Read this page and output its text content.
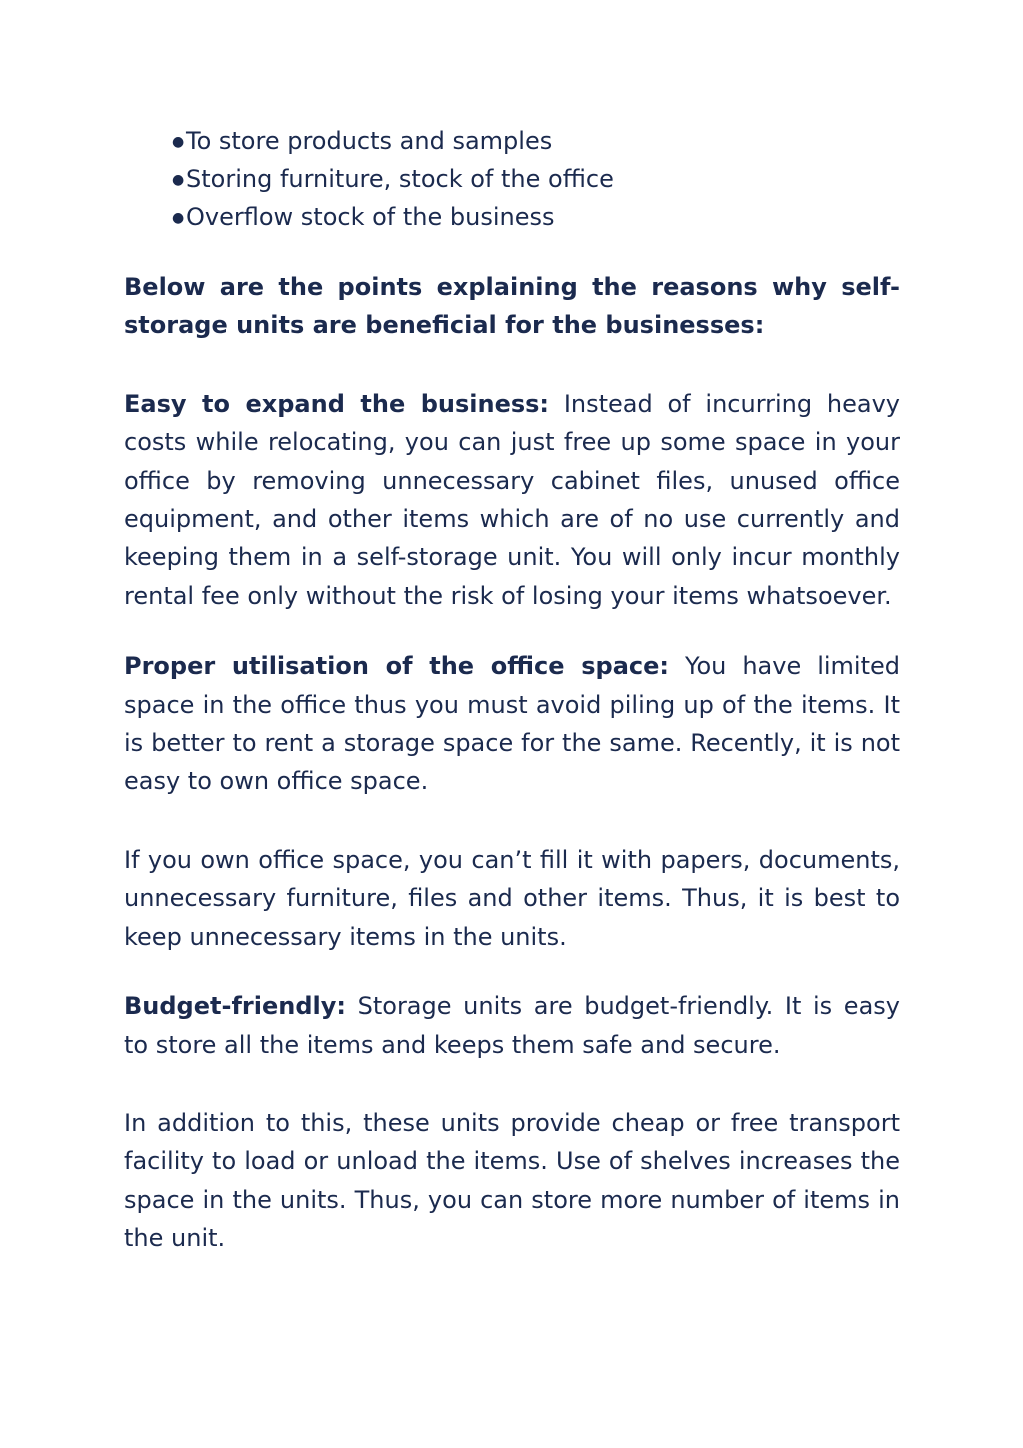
●To store products and samples
●Storing furniture, stock of the office
●Overflow stock of the business

Below are the points explaining the reasons why self-storage units are beneficial for the businesses:

Easy to expand the business: Instead of incurring heavy costs while relocating, you can just free up some space in your office by removing unnecessary cabinet files, unused office equipment, and other items which are of no use currently and keeping them in a self-storage unit. You will only incur monthly rental fee only without the risk of losing your items whatsoever.

Proper utilisation of the office space: You have limited space in the office thus you must avoid piling up of the items. It is better to rent a storage space for the same. Recently, it is not easy to own office space.

If you own office space, you can’t fill it with papers, documents, unnecessary furniture, files and other items. Thus, it is best to keep unnecessary items in the units.

Budget-friendly: Storage units are budget-friendly. It is easy to store all the items and keeps them safe and secure.

In addition to this, these units provide cheap or free transport facility to load or unload the items. Use of shelves increases the space in the units. Thus, you can store more number of items in the unit.
